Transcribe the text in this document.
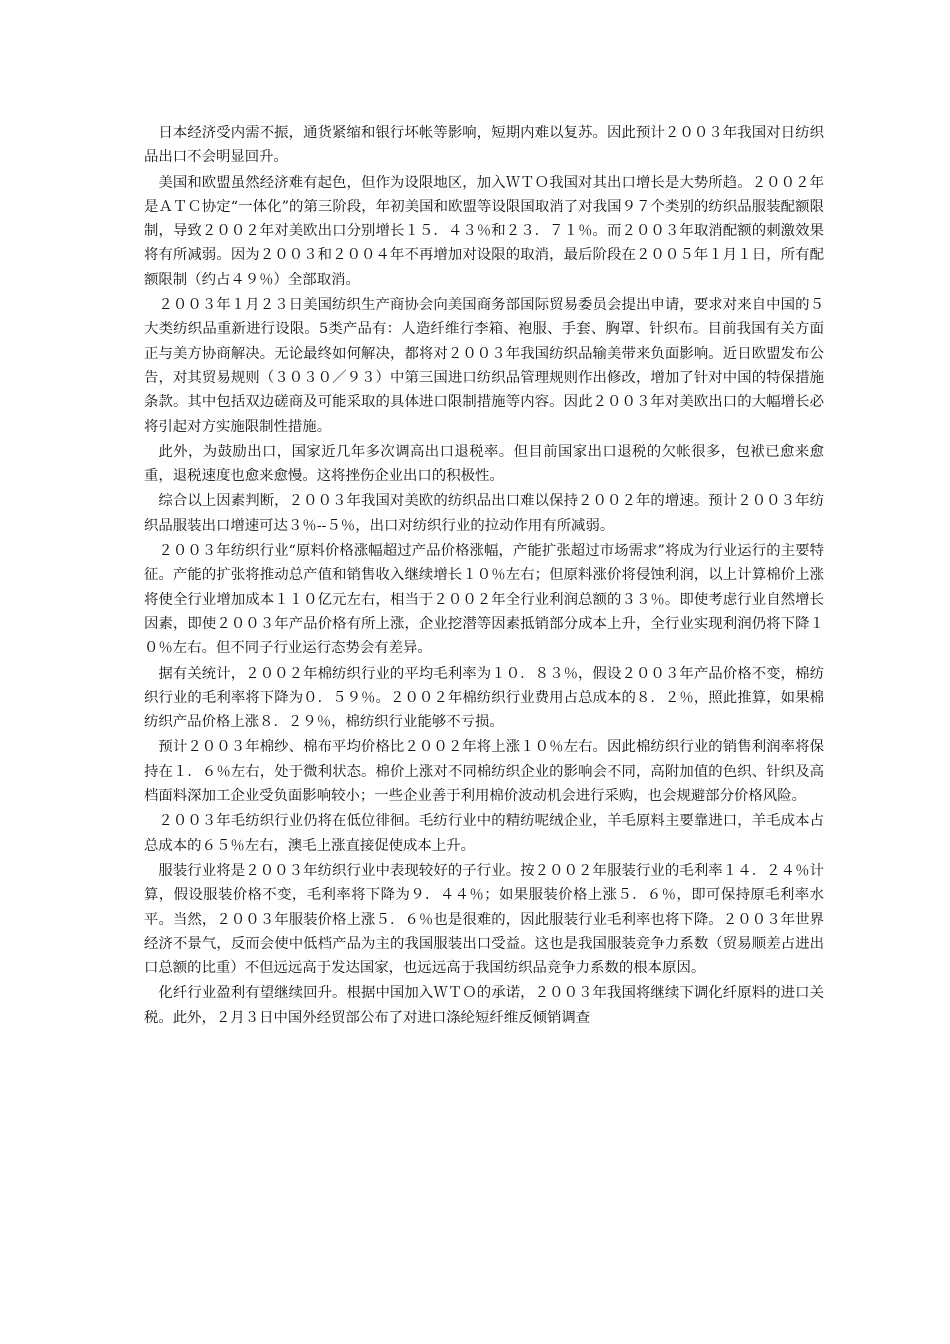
日本经济受内需不振，通货紧缩和银行坏帐等影响，短期内难以复苏。因此预计２００３年我国对日纺织品出口不会明显回升。

美国和欧盟虽然经济难有起色，但作为设限地区，加入ＷＴＯ我国对其出口增长是大势所趋。２００２年是ＡＴＣ协定“一体化”的第三阶段，年初美国和欧盟等设限国取消了对我国９７个类别的纺织品服装配额限制，导致２００２年对美欧出口分别增长１５．４３％和２３．７１％。而２００３年取消配额的刺激效果将有所减弱。因为２００３和２００４年不再增加对设限的取消，最后阶段在２００５年１月１日，所有配额限制（约占４９％）全部取消。

２００３年１月２３日美国纺织生产商协会向美国商务部国际贸易委员会提出申请，要求对来自中国的５大类纺织品重新进行设限。5类产品有：人造纤维行李箱、袍服、手套、胸罩、针织布。目前我国有关方面正与美方协商解决。无论最终如何解决，都将对２００３年我国纺织品输美带来负面影响。近日欧盟发布公告，对其贸易规则（３０３０／９３）中第三国进口纺织品管理规则作出修改，增加了针对中国的特保措施条款。其中包括双边磋商及可能采取的具体进口限制措施等内容。因此２００３年对美欧出口的大幅增长必将引起对方实施限制性措施。

此外，为鼓励出口，国家近几年多次调高出口退税率。但目前国家出口退税的欠帐很多，包袱已愈来愈重，退税速度也愈来愈慢。这将挫伤企业出口的积极性。

综合以上因素判断，２００３年我国对美欧的纺织品出口难以保持２００２年的增速。预计２００３年纺织品服装出口增速可达３％--５％，出口对纺织行业的拉动作用有所减弱。

２００３年纺织行业“原料价格涨幅超过产品价格涨幅，产能扩张超过市场需求”将成为行业运行的主要特征。产能的扩张将推动总产值和销售收入继续增长１０％左右；但原料涨价将侵蚀利润，以上计算棉价上涨将使全行业增加成本１１０亿元左右，相当于２００２年全行业利润总额的３３％。即使考虑行业自然增长因素，即使２００３年产品价格有所上涨，企业挖潜等因素抵销部分成本上升，全行业实现利润仍将下降１０％左右。但不同子行业运行态势会有差异。

据有关统计，２００２年棉纺织行业的平均毛利率为１０．８３％，假设２００３年产品价格不变，棉纺织行业的毛利率将下降为０．５９％。２００２年棉纺织行业费用占总成本的８．２％，照此推算，如果棉纺织产品价格上涨８．２９％，棉纺织行业能够不亏损。

预计２００３年棉纱、棉布平均价格比２００２年将上涨１０％左右。因此棉纺织行业的销售利润率将保持在１．６％左右，处于微利状态。棉价上涨对不同棉纺织企业的影响会不同，高附加值的色织、针织及高档面料深加工企业受负面影响较小；一些企业善于利用棉价波动机会进行采购，也会规避部分价格风险。

２００３年毛纺织行业仍将在低位徘徊。毛纺行业中的精纺呢绒企业，羊毛原料主要靠进口，羊毛成本占总成本的６５％左右，澳毛上涨直接促使成本上升。

服装行业将是２００３年纺织行业中表现较好的子行业。按２００２年服装行业的毛利率１４．２４％计算，假设服装价格不变，毛利率将下降为９．４４％；如果服装价格上涨５．６％，即可保持原毛利率水平。当然，２００３年服装价格上涨５．６％也是很难的，因此服装行业毛利率也将下降。２００３年世界经济不景气，反而会使中低档产品为主的我国服装出口受益。这也是我国服装竞争力系数（贸易顺差占进出口总额的比重）不但远远高于发达国家，也远远高于我国纺织品竞争力系数的根本原因。

化纤行业盈利有望继续回升。根据中国加入ＷＴＯ的承诺，２００３年我国将继续下调化纤原料的进口关税。此外，２月３日中国外经贸部公布了对进口涤纶短纤维反倾销调查
